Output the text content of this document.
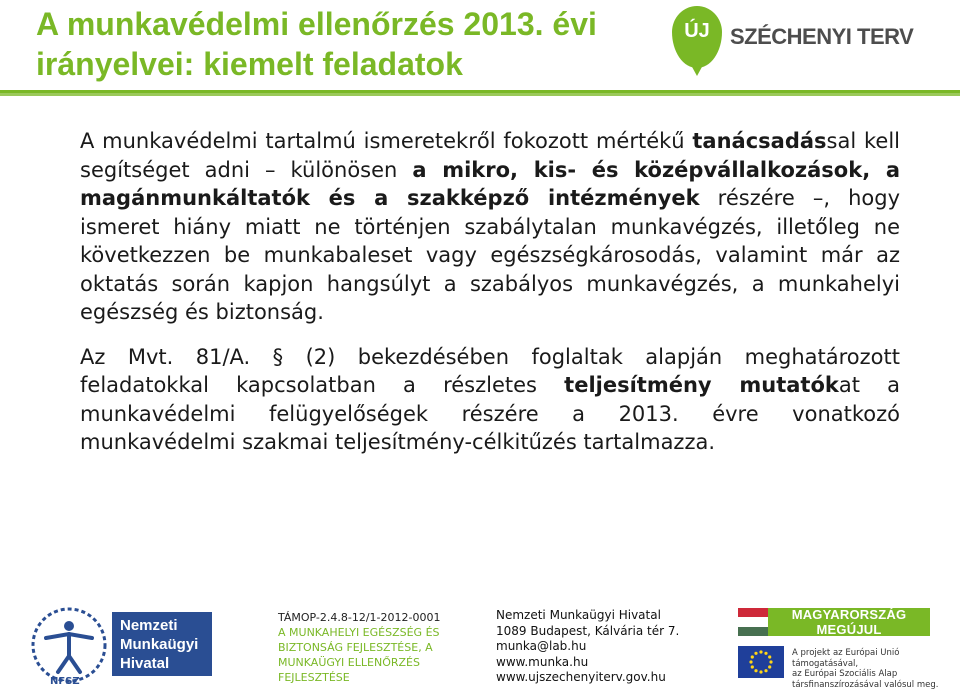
A munkavédelmi ellenőrzés 2013. évi irányelvei: kiemelt feladatok
ÚJ SZÉCHENYI TERV

A munkavédelmi tartalmú ismeretekről fokozott mértékű tanácsadással kell segítséget adni – különösen a mikro, kis- és középvállalkozások, a magánmunkáltatók és a szakképző intézmények részére –, hogy ismeret hiány miatt ne történjen szabálytalan munkavégzés, illetőleg ne következzen be munkabaleset vagy egészségkárosodás, valamint már az oktatás során kapjon hangsúlyt a szabályos munkavégzés, a munkahelyi egészség és biztonság.

Az Mvt. 81/A. § (2) bekezdésében foglaltak alapján meghatározott feladatokkal kapcsolatban a részletes teljesítmény mutatókat a munkavédelmi felügyelőségek részére a 2013. évre vonatkozó munkavédelmi szakmai teljesítmény-célkitűzés tartalmazza.

Nemzeti
Munkaügyi
Hivatal
NFSZ
TÁMOP-2.4.8-12/1-2012-0001
A MUNKAHELYI EGÉSZSÉG ÉS
BIZTONSÁG FEJLESZTÉSE, A
MUNKAÜGYI ELLENŐRZÉS
FEJLESZTÉSE
Nemzeti Munkaügyi Hivatal
1089 Budapest, Kálvária tér 7.
munka@lab.hu
www.munka.hu
www.ujszechenyiterv.gov.hu
MAGYARORSZÁG MEGÚJUL
A projekt az Európai Unió támogatásával,
az Európai Szociális Alap
társfinanszírozásával valósul meg.
